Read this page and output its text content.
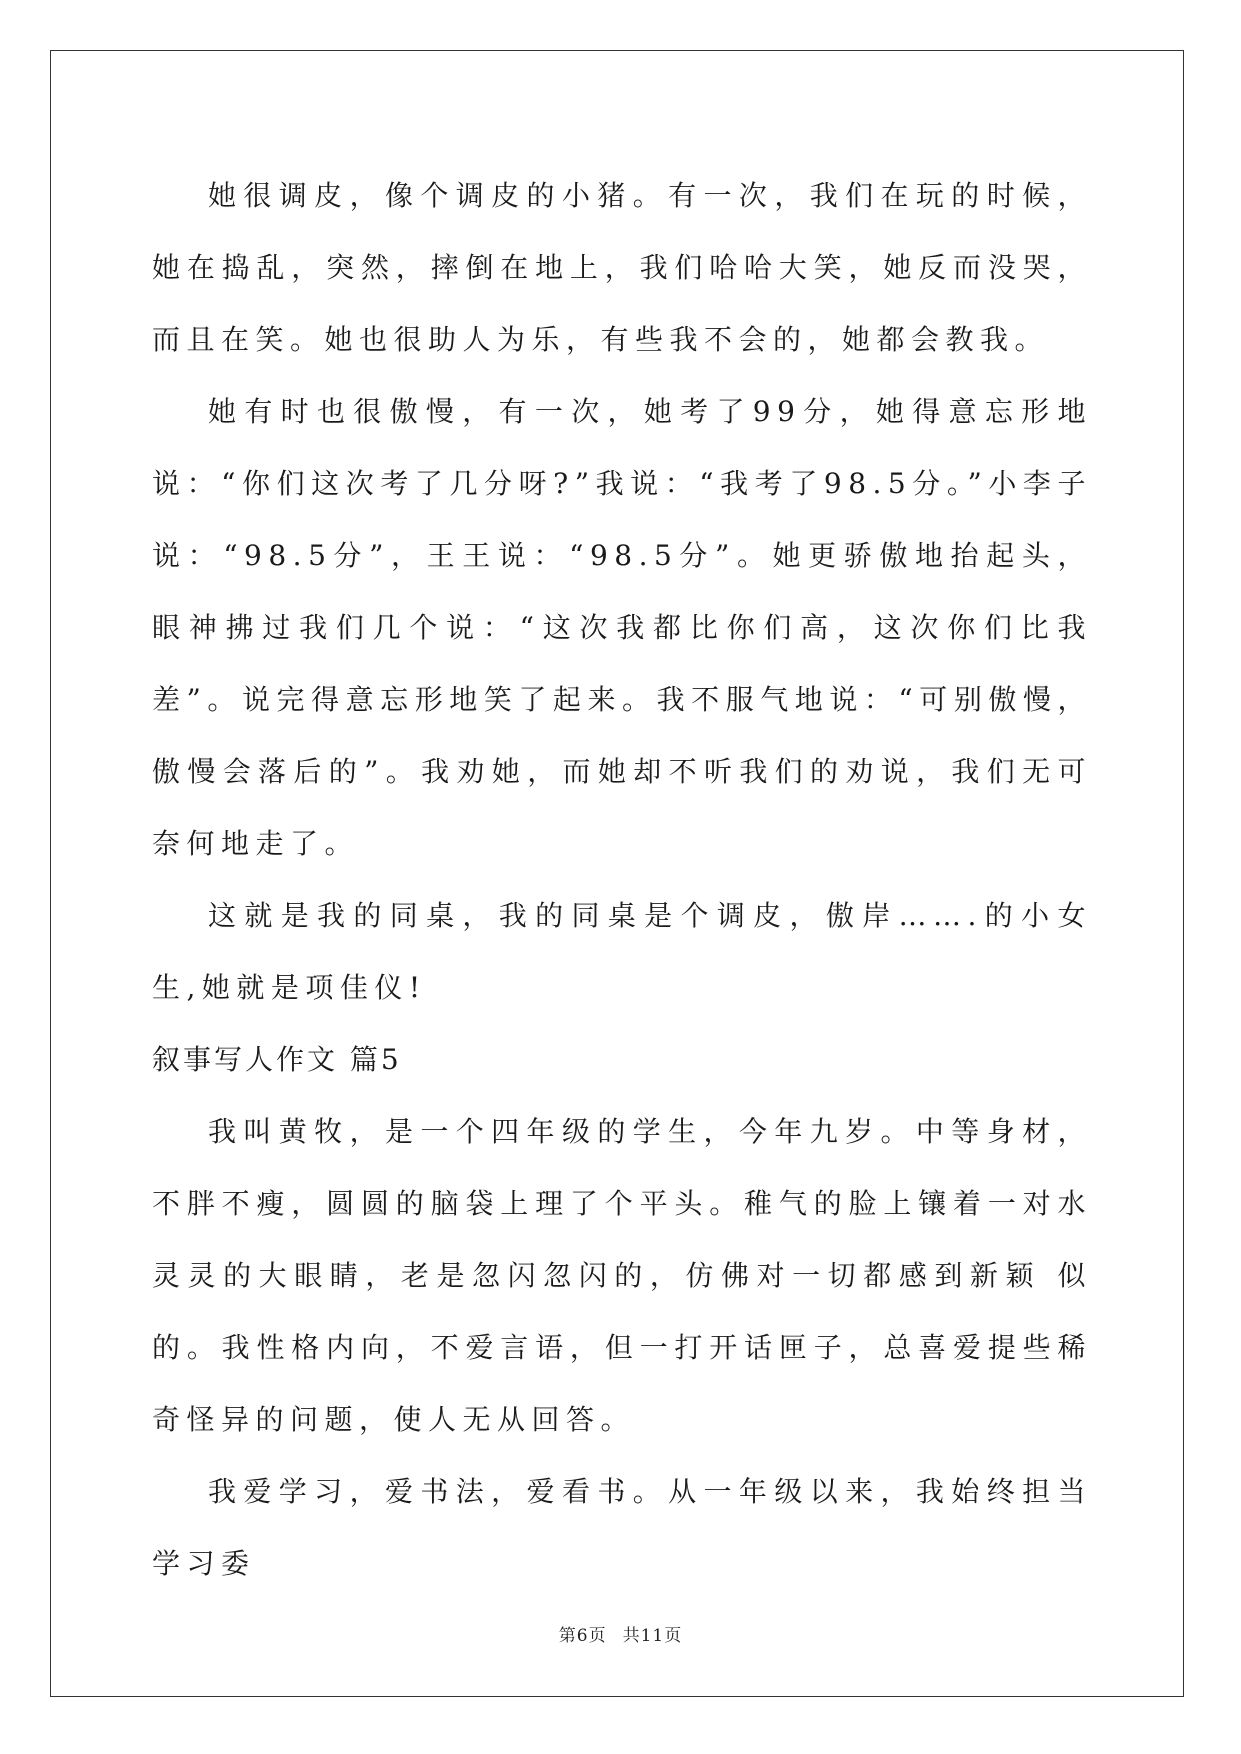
她很调皮，像个调皮的小猪。有一次，我们在玩的时候，她在捣乱，突然，摔倒在地上，我们哈哈大笑，她反而没哭，而且在笑。她也很助人为乐，有些我不会的，她都会教我。

她有时也很傲慢，有一次，她考了99分，她得意忘形地说：“你们这次考了几分呀?”我说：“我考了98.5分。”小李子说：“98.5分”，王王说：“98.5分”。她更骄傲地抬起头，眼神拂过我们几个说：“这次我都比你们高，这次你们比我差”。说完得意忘形地笑了起来。我不服气地说：“可别傲慢，傲慢会落后的”。我劝她，而她却不听我们的劝说，我们无可奈何地走了。

这就是我的同桌，我的同桌是个调皮，傲岸…….的小女生,她就是项佳仪!

叙事写人作文 篇5

我叫黄牧，是一个四年级的学生，今年九岁。中等身材，不胖不瘦，圆圆的脑袋上理了个平头。稚气的脸上镶着一对水灵灵的大眼睛，老是忽闪忽闪的，仿佛对一切都感到新颖 似的。我性格内向，不爱言语，但一打开话匣子，总喜爱提些稀奇怪异的问题，使人无从回答。

我爱学习，爱书法，爱看书。从一年级以来，我始终担当学习委

第6页 共11页
